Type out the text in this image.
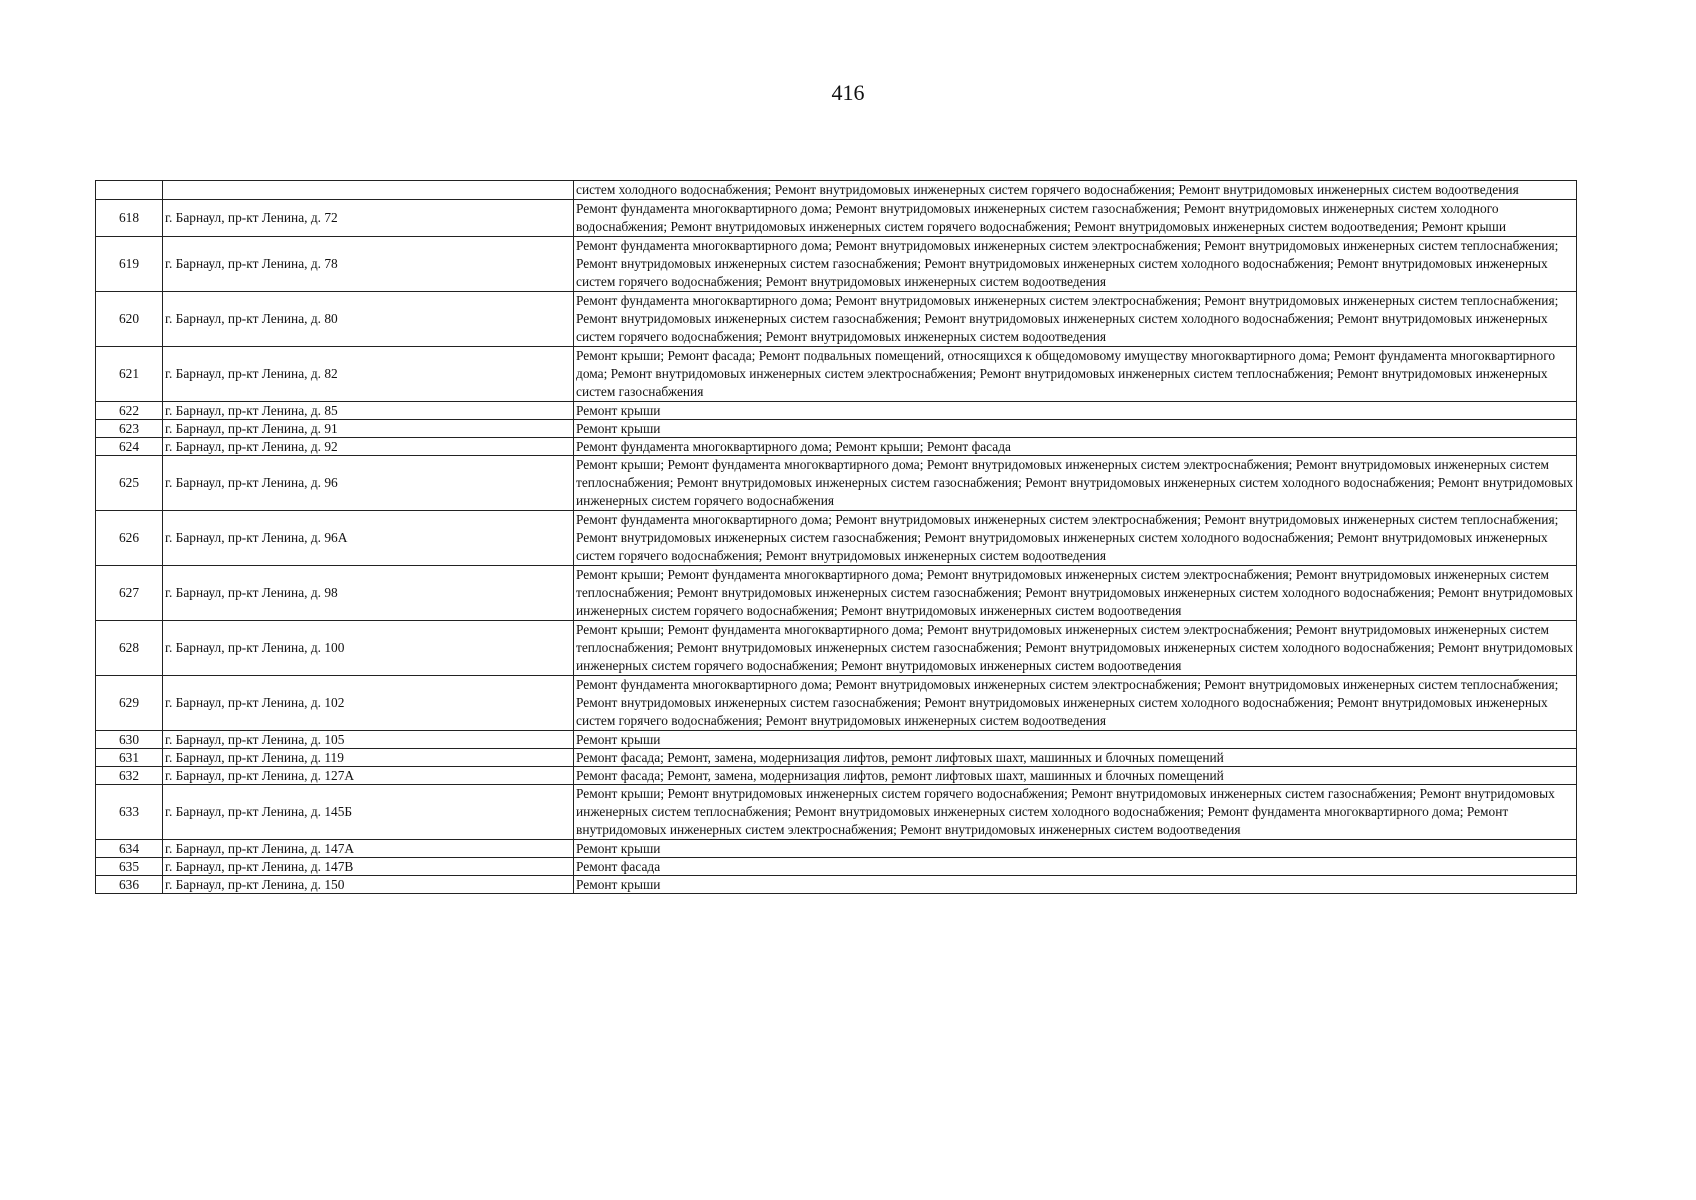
416
		систем холодного водоснабжения; Ремонт внутридомовых инженерных систем горячего водоснабжения; Ремонт внутридомовых инженерных систем водоотведения
618	г. Барнаул, пр-кт Ленина, д. 72	Ремонт фундамента многоквартирного дома; Ремонт внутридомовых инженерных систем газоснабжения; Ремонт внутридомовых инженерных систем холодного водоснабжения; Ремонт внутридомовых инженерных систем горячего водоснабжения; Ремонт внутридомовых инженерных систем водоотведения; Ремонт крыши
619	г. Барнаул, пр-кт Ленина, д. 78	Ремонт фундамента многоквартирного дома; Ремонт внутридомовых инженерных систем электроснабжения; Ремонт внутридомовых инженерных систем теплоснабжения; Ремонт внутридомовых инженерных систем газоснабжения; Ремонт внутридомовых инженерных систем холодного водоснабжения; Ремонт внутридомовых инженерных систем горячего водоснабжения; Ремонт внутридомовых инженерных систем водоотведения
620	г. Барнаул, пр-кт Ленина, д. 80	Ремонт фундамента многоквартирного дома; Ремонт внутридомовых инженерных систем электроснабжения; Ремонт внутридомовых инженерных систем теплоснабжения; Ремонт внутридомовых инженерных систем газоснабжения; Ремонт внутридомовых инженерных систем холодного водоснабжения; Ремонт внутридомовых инженерных систем горячего водоснабжения; Ремонт внутридомовых инженерных систем водоотведения
621	г. Барнаул, пр-кт Ленина, д. 82	Ремонт крыши; Ремонт фасада; Ремонт подвальных помещений, относящихся к общедомовому имуществу многоквартирного дома; Ремонт фундамента многоквартирного дома; Ремонт внутридомовых инженерных систем электроснабжения; Ремонт внутридомовых инженерных систем теплоснабжения; Ремонт внутридомовых инженерных систем газоснабжения
622	г. Барнаул, пр-кт Ленина, д. 85	Ремонт крыши
623	г. Барнаул, пр-кт Ленина, д. 91	Ремонт крыши
624	г. Барнаул, пр-кт Ленина, д. 92	Ремонт фундамента многоквартирного дома; Ремонт крыши; Ремонт фасада
625	г. Барнаул, пр-кт Ленина, д. 96	Ремонт крыши; Ремонт фундамента многоквартирного дома; Ремонт внутридомовых инженерных систем электроснабжения; Ремонт внутридомовых инженерных систем теплоснабжения; Ремонт внутридомовых инженерных систем газоснабжения; Ремонт внутридомовых инженерных систем холодного водоснабжения; Ремонт внутридомовых инженерных систем горячего водоснабжения
626	г. Барнаул, пр-кт Ленина, д. 96А	Ремонт фундамента многоквартирного дома; Ремонт внутридомовых инженерных систем электроснабжения; Ремонт внутридомовых инженерных систем теплоснабжения; Ремонт внутридомовых инженерных систем газоснабжения; Ремонт внутридомовых инженерных систем холодного водоснабжения; Ремонт внутридомовых инженерных систем горячего водоснабжения; Ремонт внутридомовых инженерных систем водоотведения
627	г. Барнаул, пр-кт Ленина, д. 98	Ремонт крыши; Ремонт фундамента многоквартирного дома; Ремонт внутридомовых инженерных систем электроснабжения; Ремонт внутридомовых инженерных систем теплоснабжения; Ремонт внутридомовых инженерных систем газоснабжения; Ремонт внутридомовых инженерных систем холодного водоснабжения; Ремонт внутридомовых инженерных систем горячего водоснабжения; Ремонт внутридомовых инженерных систем водоотведения
628	г. Барнаул, пр-кт Ленина, д. 100	Ремонт крыши; Ремонт фундамента многоквартирного дома; Ремонт внутридомовых инженерных систем электроснабжения; Ремонт внутридомовых инженерных систем теплоснабжения; Ремонт внутридомовых инженерных систем газоснабжения; Ремонт внутридомовых инженерных систем холодного водоснабжения; Ремонт внутридомовых инженерных систем горячего водоснабжения; Ремонт внутридомовых инженерных систем водоотведения
629	г. Барнаул, пр-кт Ленина, д. 102	Ремонт фундамента многоквартирного дома; Ремонт внутридомовых инженерных систем электроснабжения; Ремонт внутридомовых инженерных систем теплоснабжения; Ремонт внутридомовых инженерных систем газоснабжения; Ремонт внутридомовых инженерных систем холодного водоснабжения; Ремонт внутридомовых инженерных систем горячего водоснабжения; Ремонт внутридомовых инженерных систем водоотведения
630	г. Барнаул, пр-кт Ленина, д. 105	Ремонт крыши
631	г. Барнаул, пр-кт Ленина, д. 119	Ремонт фасада; Ремонт, замена, модернизация лифтов, ремонт лифтовых шахт, машинных и блочных помещений
632	г. Барнаул, пр-кт Ленина, д. 127А	Ремонт фасада; Ремонт, замена, модернизация лифтов, ремонт лифтовых шахт, машинных и блочных помещений
633	г. Барнаул, пр-кт Ленина, д. 145Б	Ремонт крыши; Ремонт внутридомовых инженерных систем горячего водоснабжения; Ремонт внутридомовых инженерных систем газоснабжения; Ремонт внутридомовых инженерных систем теплоснабжения; Ремонт внутридомовых инженерных систем холодного водоснабжения; Ремонт фундамента многоквартирного дома; Ремонт внутридомовых инженерных систем электроснабжения; Ремонт внутридомовых инженерных систем водоотведения
634	г. Барнаул, пр-кт Ленина, д. 147А	Ремонт крыши
635	г. Барнаул, пр-кт Ленина, д. 147В	Ремонт фасада
636	г. Барнаул, пр-кт Ленина, д. 150	Ремонт крыши
